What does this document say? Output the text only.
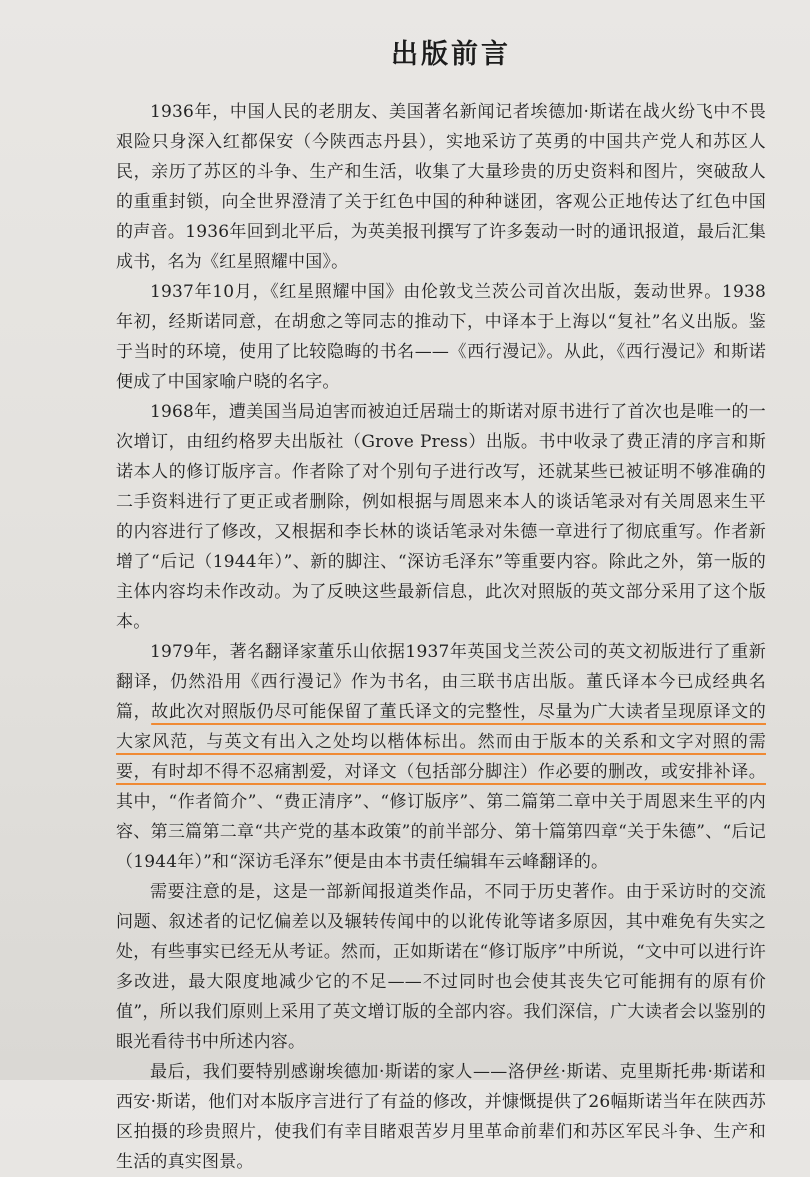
出版前言

1936年，中国人民的老朋友、美国著名新闻记者埃德加·斯诺在战火纷飞中不畏艰险只身深入红都保安（今陕西志丹县），实地采访了英勇的中国共产党人和苏区人民，亲历了苏区的斗争、生产和生活，收集了大量珍贵的历史资料和图片，突破敌人的重重封锁，向全世界澄清了关于红色中国的种种谜团，客观公正地传达了红色中国的声音。1936年回到北平后，为英美报刊撰写了许多轰动一时的通讯报道，最后汇集成书，名为《红星照耀中国》。

1937年10月，《红星照耀中国》由伦敦戈兰茨公司首次出版，轰动世界。1938年初，经斯诺同意，在胡愈之等同志的推动下，中译本于上海以“复社”名义出版。鉴于当时的环境，使用了比较隐晦的书名——《西行漫记》。从此，《西行漫记》和斯诺便成了中国家喻户晓的名字。

1968年，遭美国当局迫害而被迫迁居瑞士的斯诺对原书进行了首次也是唯一的一次增订，由纽约格罗夫出版社（Grove Press）出版。书中收录了费正清的序言和斯诺本人的修订版序言。作者除了对个别句子进行改写，还就某些已被证明不够准确的二手资料进行了更正或者删除，例如根据与周恩来本人的谈话笔录对有关周恩来生平的内容进行了修改，又根据和李长林的谈话笔录对朱德一章进行了彻底重写。作者新增了“后记（1944年）”、新的脚注、“深访毛泽东”等重要内容。除此之外，第一版的主体内容均未作改动。为了反映这些最新信息，此次对照版的英文部分采用了这个版本。

1979年，著名翻译家董乐山依据1937年英国戈兰茨公司的英文初版进行了重新翻译，仍然沿用《西行漫记》作为书名，由三联书店出版。董氏译本今已成经典名篇，故此次对照版仍尽可能保留了董氏译文的完整性，尽量为广大读者呈现原译文的大家风范，与英文有出入之处均以楷体标出。然而由于版本的关系和文字对照的需要，有时却不得不忍痛割爱，对译文（包括部分脚注）作必要的删改，或安排补译。其中，“作者简介”、“费正清序”、“修订版序”、第二篇第二章中关于周恩来生平的内容、第三篇第二章“共产党的基本政策”的前半部分、第十篇第四章“关于朱德”、“后记（1944年）”和“深访毛泽东”便是由本书责任编辑车云峰翻译的。

需要注意的是，这是一部新闻报道类作品，不同于历史著作。由于采访时的交流问题、叙述者的记忆偏差以及辗转传闻中的以讹传讹等诸多原因，其中难免有失实之处，有些事实已经无从考证。然而，正如斯诺在“修订版序”中所说，“文中可以进行许多改进，最大限度地减少它的不足——不过同时也会使其丧失它可能拥有的原有价值”，所以我们原则上采用了英文增订版的全部内容。我们深信，广大读者会以鉴别的眼光看待书中所述内容。

最后，我们要特别感谢埃德加·斯诺的家人——洛伊丝·斯诺、克里斯托弗·斯诺和西安·斯诺，他们对本版序言进行了有益的修改，并慷慨提供了26幅斯诺当年在陕西苏区拍摄的珍贵照片，使我们有幸目睹艰苦岁月里革命前辈们和苏区军民斗争、生产和生活的真实图景。
